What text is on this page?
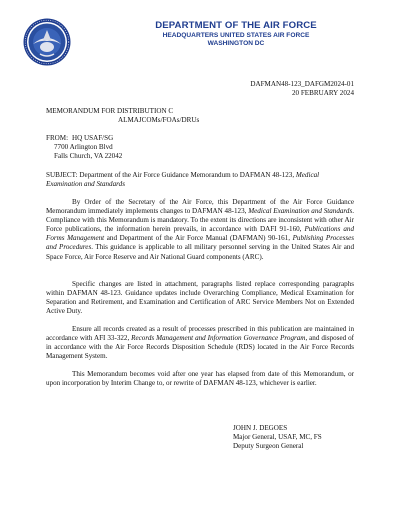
DEPARTMENT OF THE AIR FORCE
HEADQUARTERS UNITED STATES AIR FORCE
WASHINGTON DC
DAFMAN48-123_DAFGM2024-01
20 FEBRUARY 2024
MEMORANDUM FOR DISTRIBUTION C
ALMAJCOMs/FOAs/DRUs
FROM: HQ USAF/SG
7700 Arlington Blvd
Falls Church, VA 22042
SUBJECT: Department of the Air Force Guidance Memorandum to DAFMAN 48-123, Medical
Examination and Standards
By Order of the Secretary of the Air Force, this Department of the Air Force Guidance Memorandum immediately implements changes to DAFMAN 48-123, Medical Examination and Standards. Compliance with this Memorandum is mandatory. To the extent its directions are inconsistent with other Air Force publications, the information herein prevails, in accordance with DAFI 91-160, Publications and Forms Management and Department of the Air Force Manual (DAFMAN) 90-161, Publishing Processes and Procedures. This guidance is applicable to all military personnel serving in the United States Air and Space Force, Air Force Reserve and Air National Guard components (ARC).
Specific changes are listed in attachment, paragraphs listed replace corresponding paragraphs within DAFMAN 48-123. Guidance updates include Overarching Compliance, Medical Examination for Separation and Retirement, and Examination and Certification of ARC Service Members Not on Extended Active Duty.
Ensure all records created as a result of processes prescribed in this publication are maintained in accordance with AFI 33-322, Records Management and Information Governance Program, and disposed of in accordance with the Air Force Records Disposition Schedule (RDS) located in the Air Force Records Management System.
This Memorandum becomes void after one year has elapsed from date of this Memorandum, or upon incorporation by Interim Change to, or rewrite of DAFMAN 48-123, whichever is earlier.
JOHN J. DEGOES
Major General, USAF, MC, FS
Deputy Surgeon General
